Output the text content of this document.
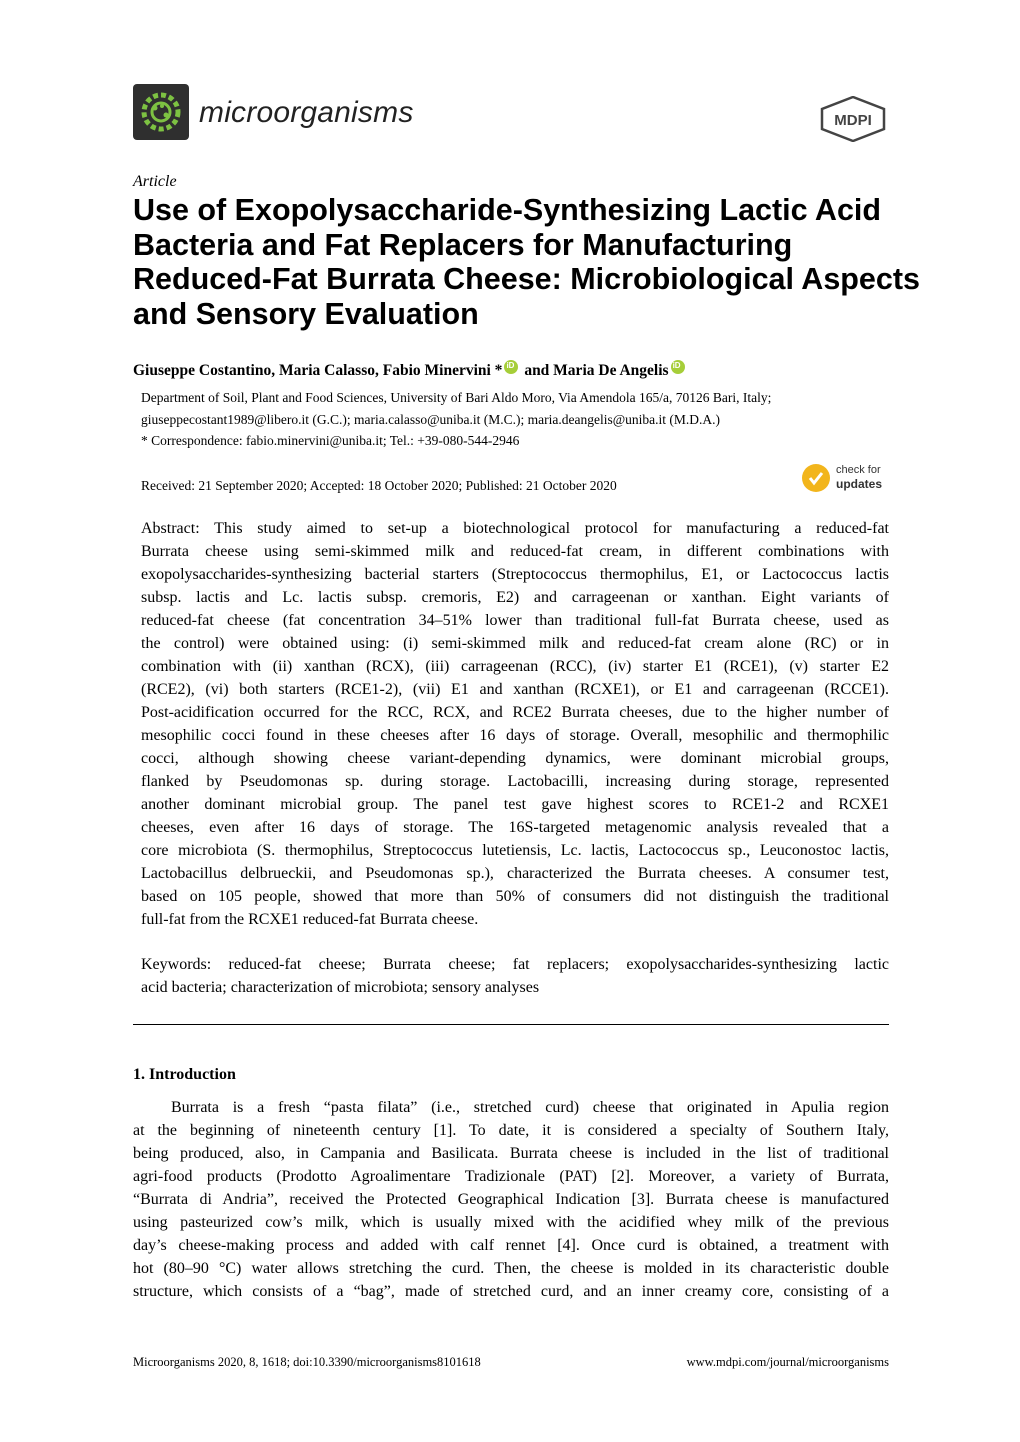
microorganisms	MDPI
Article
Use of Exopolysaccharide-Synthesizing Lactic Acid
Bacteria and Fat Replacers for Manufacturing
Reduced-Fat Burrata Cheese: Microbiological Aspects
and Sensory Evaluation
Giuseppe Costantino, Maria Calasso, Fabio Minervini *iD and Maria De AngelisiD
Department of Soil, Plant and Food Sciences, University of Bari Aldo Moro, Via Amendola 165/a, 70126 Bari, Italy;
giuseppecostant1989@libero.it (G.C.); maria.calasso@uniba.it (M.C.); maria.deangelis@uniba.it (M.D.A.)
* Correspondence: fabio.minervini@uniba.it; Tel.: +39-080-544-2946
Received: 21 September 2020; Accepted: 18 October 2020; Published: 21 October 2020
check for
updates
Abstract: This study aimed to set-up a biotechnological protocol for manufacturing a reduced-fat
Burrata cheese using semi-skimmed milk and reduced-fat cream, in different combinations with
exopolysaccharides-synthesizing bacterial starters (Streptococcus thermophilus, E1, or Lactococcus lactis
subsp. lactis and Lc. lactis subsp. cremoris, E2) and carrageenan or xanthan. Eight variants of
reduced-fat cheese (fat concentration 34–51% lower than traditional full-fat Burrata cheese, used as
the control) were obtained using: (i) semi-skimmed milk and reduced-fat cream alone (RC) or in
combination with (ii) xanthan (RCX), (iii) carrageenan (RCC), (iv) starter E1 (RCE1), (v) starter E2
(RCE2), (vi) both starters (RCE1-2), (vii) E1 and xanthan (RCXE1), or E1 and carrageenan (RCCE1).
Post-acidification occurred for the RCC, RCX, and RCE2 Burrata cheeses, due to the higher number of
mesophilic cocci found in these cheeses after 16 days of storage. Overall, mesophilic and thermophilic
cocci, although showing cheese variant-depending dynamics, were dominant microbial groups,
flanked by Pseudomonas sp. during storage. Lactobacilli, increasing during storage, represented
another dominant microbial group. The panel test gave highest scores to RCE1-2 and RCXE1
cheeses, even after 16 days of storage. The 16S-targeted metagenomic analysis revealed that a
core microbiota (S. thermophilus, Streptococcus lutetiensis, Lc. lactis, Lactococcus sp., Leuconostoc lactis,
Lactobacillus delbrueckii, and Pseudomonas sp.), characterized the Burrata cheeses. A consumer test,
based on 105 people, showed that more than 50% of consumers did not distinguish the traditional
full-fat from the RCXE1 reduced-fat Burrata cheese.
Keywords: reduced-fat cheese; Burrata cheese; fat replacers; exopolysaccharides-synthesizing lactic
acid bacteria; characterization of microbiota; sensory analyses
1. Introduction
Burrata is a fresh “pasta filata” (i.e., stretched curd) cheese that originated in Apulia region
at the beginning of nineteenth century [1]. To date, it is considered a specialty of Southern Italy,
being produced, also, in Campania and Basilicata. Burrata cheese is included in the list of traditional
agri-food products (Prodotto Agroalimentare Tradizionale (PAT) [2]. Moreover, a variety of Burrata,
“Burrata di Andria”, received the Protected Geographical Indication [3]. Burrata cheese is manufactured
using pasteurized cow’s milk, which is usually mixed with the acidified whey milk of the previous
day’s cheese-making process and added with calf rennet [4]. Once curd is obtained, a treatment with
hot (80–90 °C) water allows stretching the curd. Then, the cheese is molded in its characteristic double
structure, which consists of a “bag”, made of stretched curd, and an inner creamy core, consisting of a
Microorganisms 2020, 8, 1618; doi:10.3390/microorganisms8101618	www.mdpi.com/journal/microorganisms
